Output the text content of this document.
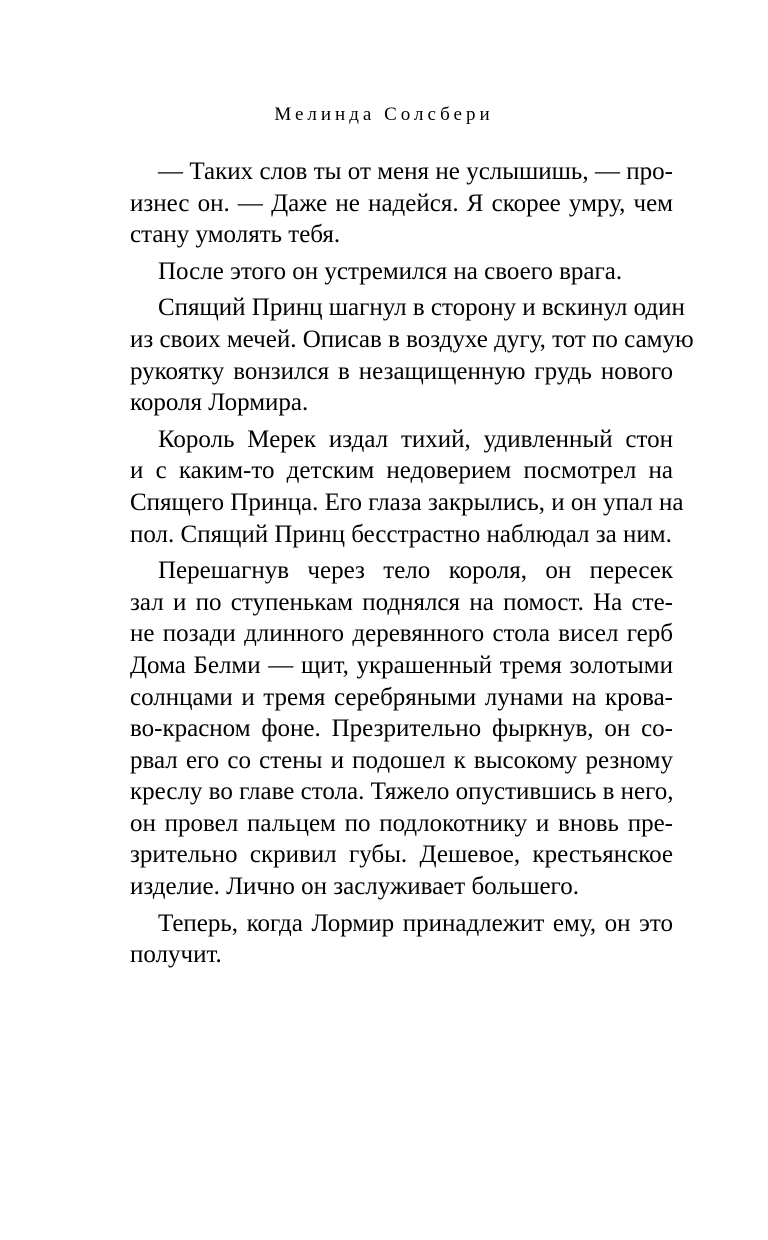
Мелинда Солсбери

— Таких слов ты от меня не услышишь, — про-
изнес он. — Даже не надейся. Я скорее умру, чем
стану умолять тебя.

После этого он устремился на своего врага.

Спящий Принц шагнул в сторону и вскинул один
из своих мечей. Описав в воздухе дугу, тот по самую
рукоятку вонзился в незащищенную грудь нового
короля Лормира.

Король Мерек издал тихий, удивленный стон
и с каким-то детским недоверием посмотрел на
Спящего Принца. Его глаза закрылись, и он упал на
пол. Спящий Принц бесстрастно наблюдал за ним.

Перешагнув через тело короля, он пересек
зал и по ступенькам поднялся на помост. На сте-
не позади длинного деревянного стола висел герб
Дома Белми — щит, украшенный тремя золотыми
солнцами и тремя серебряными лунами на крова-
во-красном фоне. Презрительно фыркнув, он со-
рвал его со стены и подошел к высокому резному
креслу во главе стола. Тяжело опустившись в него,
он провел пальцем по подлокотнику и вновь пре-
зрительно скривил губы. Дешевое, крестьянское
изделие. Лично он заслуживает большего.

Теперь, когда Лормир принадлежит ему, он это
получит.
